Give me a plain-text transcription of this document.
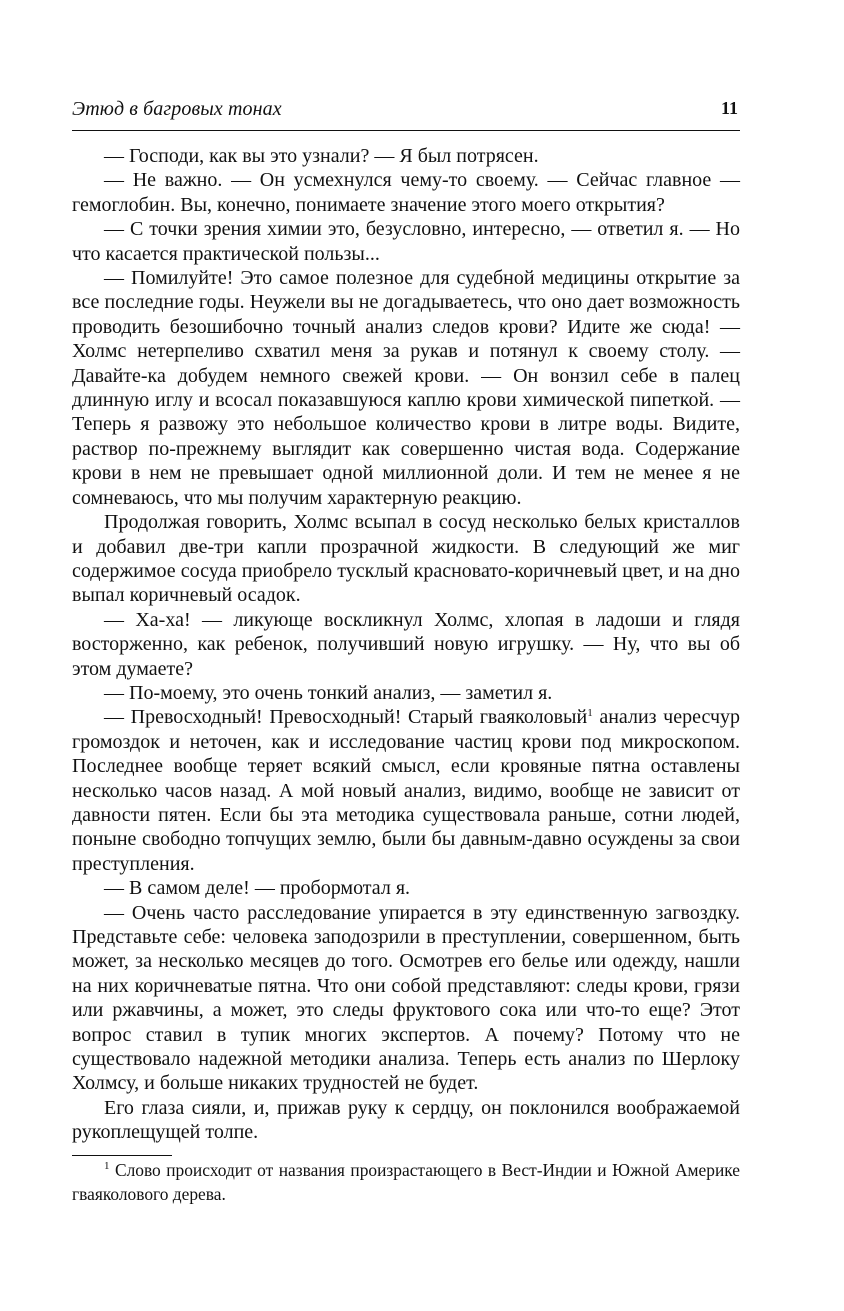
Этюд в багровых тонах	11

— Господи, как вы это узнали? — Я был потрясен.

— Не важно. — Он усмехнулся чему-то своему. — Сейчас главное — гемоглобин. Вы, конечно, понимаете значение этого моего открытия?

— С точки зрения химии это, безусловно, интересно, — ответил я. — Но что касается практической пользы...

— Помилуйте! Это самое полезное для судебной медицины открытие за все последние годы. Неужели вы не догадываетесь, что оно дает возможность проводить безошибочно точный анализ следов крови? Идите же сюда! — Холмс нетерпеливо схватил меня за рукав и потянул к своему столу. — Давайте-ка добудем немного свежей крови. — Он вонзил себе в палец длинную иглу и всосал показавшуюся каплю крови химической пипеткой. — Теперь я развожу это небольшое количество крови в литре воды. Видите, раствор по-прежнему выглядит как совершенно чистая вода. Содержание крови в нем не превышает одной миллионной доли. И тем не менее я не сомневаюсь, что мы получим характерную реакцию.

Продолжая говорить, Холмс всыпал в сосуд несколько белых кристаллов и добавил две-три капли прозрачной жидкости. В следующий же миг содержимое сосуда приобрело тусклый красновато-коричневый цвет, и на дно выпал коричневый осадок.

— Ха-ха! — ликующе воскликнул Холмс, хлопая в ладоши и глядя восторженно, как ребенок, получивший новую игрушку. — Ну, что вы об этом думаете?

— По-моему, это очень тонкий анализ, — заметил я.

— Превосходный! Превосходный! Старый гваяколовый$^1$ анализ чересчур громоздок и неточен, как и исследование частиц крови под микроскопом. Последнее вообще теряет всякий смысл, если кровяные пятна оставлены несколько часов назад. А мой новый анализ, видимо, вообще не зависит от давности пятен. Если бы эта методика существовала раньше, сотни людей, поныне свободно топчущих землю, были бы давным-давно осуждены за свои преступления.

— В самом деле! — пробормотал я.

— Очень часто расследование упирается в эту единственную загвоздку. Представьте себе: человека заподозрили в преступлении, совершенном, быть может, за несколько месяцев до того. Осмотрев его белье или одежду, нашли на них коричневатые пятна. Что они собой представляют: следы крови, грязи или ржавчины, а может, это следы фруктового сока или что-то еще? Этот вопрос ставил в тупик многих экспертов. А почему? Потому что не существовало надежной методики анализа. Теперь есть анализ по Шерлоку Холмсу, и больше никаких трудностей не будет.

Его глаза сияли, и, прижав руку к сердцу, он поклонился воображаемой рукоплещущей толпе.

$^1$ Слово происходит от названия произрастающего в Вест-Индии и Южной Америке гваяколового дерева.
